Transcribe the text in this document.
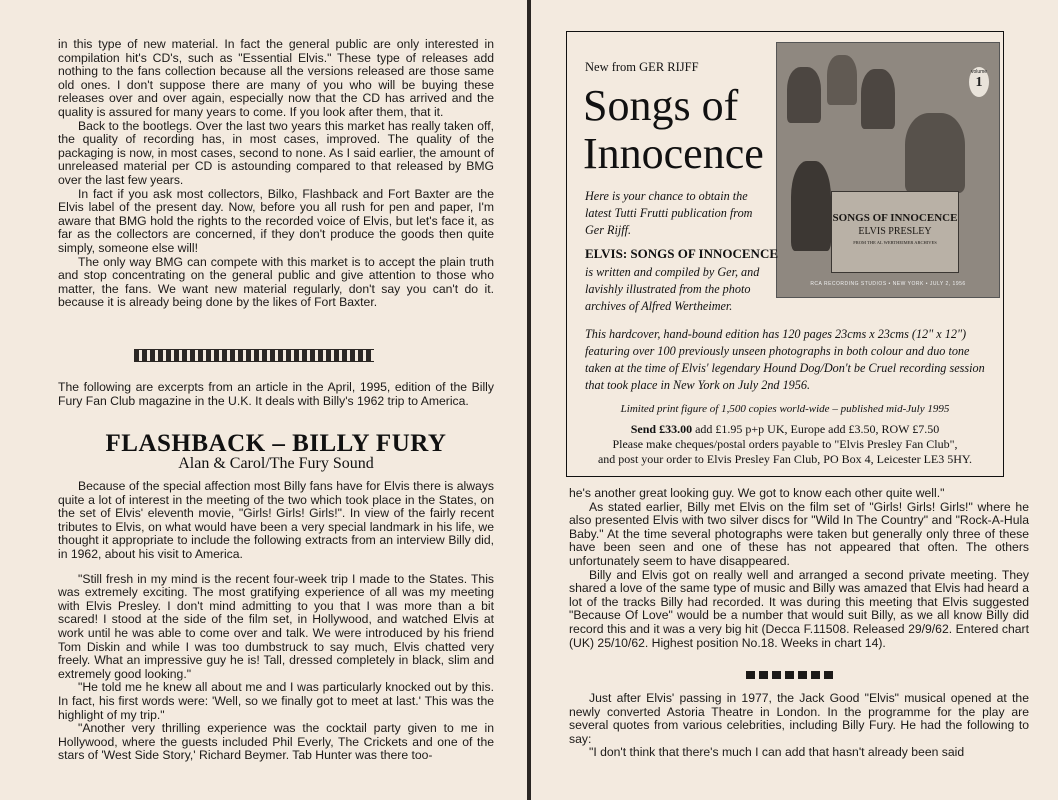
in this type of new material. In fact the general public are only interested in compilation hit's CD's, such as "Essential Elvis." These type of releases add nothing to the fans collection because all the versions released are those same old ones. I don't suppose there are many of you who will be buying these releases over and over again, especially now that the CD has arrived and the quality is assured for many years to come. If you look after them, that it.

Back to the bootlegs. Over the last two years this market has really taken off, the quality of recording has, in most cases, improved. The quality of the packaging is now, in most cases, second to none. As I said earlier, the amount of unreleased material per CD is astounding compared to that released by BMG over the last few years.

In fact if you ask most collectors, Bilko, Flashback and Fort Baxter are the Elvis label of the present day. Now, before you all rush for pen and paper, I'm aware that BMG hold the rights to the recorded voice of Elvis, but let's face it, as far as the collectors are concerned, if they don't produce the goods then quite simply, someone else will!

The only way BMG can compete with this market is to accept the plain truth and stop concentrating on the general public and give attention to those who matter, the fans. We want new material regularly, don't say you can't do it. because it is already being done by the likes of Fort Baxter.

The following are excerpts from an article in the April, 1995, edition of the Billy Fury Fan Club magazine in the U.K. It deals with Billy's 1962 trip to America.

FLASHBACK – BILLY FURY
Alan & Carol/The Fury Sound

Because of the special affection most Billy fans have for Elvis there is always quite a lot of interest in the meeting of the two which took place in the States, on the set of Elvis' eleventh movie, "Girls! Girls! Girls!". In view of the fairly recent tributes to Elvis, on what would have been a very special landmark in his life, we thought it appropriate to include the following extracts from an interview Billy did, in 1962, about his visit to America.

"Still fresh in my mind is the recent four-week trip I made to the States. This was extremely exciting. The most gratifying experience of all was my meeting with Elvis Presley. I don't mind admitting to you that I was more than a bit scared! I stood at the side of the film set, in Hollywood, and watched Elvis at work until he was able to come over and talk. We were introduced by his friend Tom Diskin and while I was too dumbstruck to say much, Elvis chatted very freely. What an impressive guy he is! Tall, dressed completely in black, slim and extremely good looking."

"He told me he knew all about me and I was particularly knocked out by this. In fact, his first words were: 'Well, so we finally got to meet at last.' This was the highlight of my trip."

"Another very thrilling experience was the cocktail party given to me in Hollywood, where the guests included Phil Everly, The Crickets and one of the stars of 'West Side Story,' Richard Beymer. Tab Hunter was there too-

New from GER RIJFF
Songs of
Innocence
volume
1
SONGS OF INNOCENCE
ELVIS PRESLEY
FROM THE AL WERTHEIMER ARCHIVES
RCA RECORDING STUDIOS • NEW YORK • JULY 2, 1956

Here is your chance to obtain the latest Tutti Frutti publication from Ger Rijff.

ELVIS: SONGS OF INNOCENCE

is written and compiled by Ger, and lavishly illustrated from the photo archives of Alfred Wertheimer.

This hardcover, hand-bound edition has 120 pages 23cms x 23cms (12" x 12") featuring over 100 previously unseen photographs in both colour and duo tone taken at the time of Elvis' legendary Hound Dog/Don't be Cruel recording session that took place in New York on July 2nd 1956.

Limited print figure of 1,500 copies world-wide – published mid-July 1995
Send £33.00 add £1.95 p+p UK, Europe add £3.50, ROW £7.50
Please make cheques/postal orders payable to "Elvis Presley Fan Club",
and post your order to Elvis Presley Fan Club, PO Box 4, Leicester LE3 5HY.

he's another great looking guy. We got to know each other quite well."

As stated earlier, Billy met Elvis on the film set of "Girls! Girls! Girls!" where he also presented Elvis with two silver discs for "Wild In The Country" and "Rock-A-Hula Baby." At the time several photographs were taken but generally only three of these have been seen and one of these has not appeared that often. The others unfortunately seem to have disappeared.

Billy and Elvis got on really well and arranged a second private meeting. They shared a love of the same type of music and Billy was amazed that Elvis had heard a lot of the tracks Billy had recorded. It was during this meeting that Elvis suggested "Because Of Love" would be a number that would suit Billy, as we all know Billy did record this and it was a very big hit (Decca F.11508. Released 29/9/62. Entered chart (UK) 25/10/62. Highest position No.18. Weeks in chart 14).

Just after Elvis' passing in 1977, the Jack Good "Elvis" musical opened at the newly converted Astoria Theatre in London. In the programme for the play are several quotes from various celebrities, including Billy Fury. He had the following to say:

"I don't think that there's much I can add that hasn't already been said
